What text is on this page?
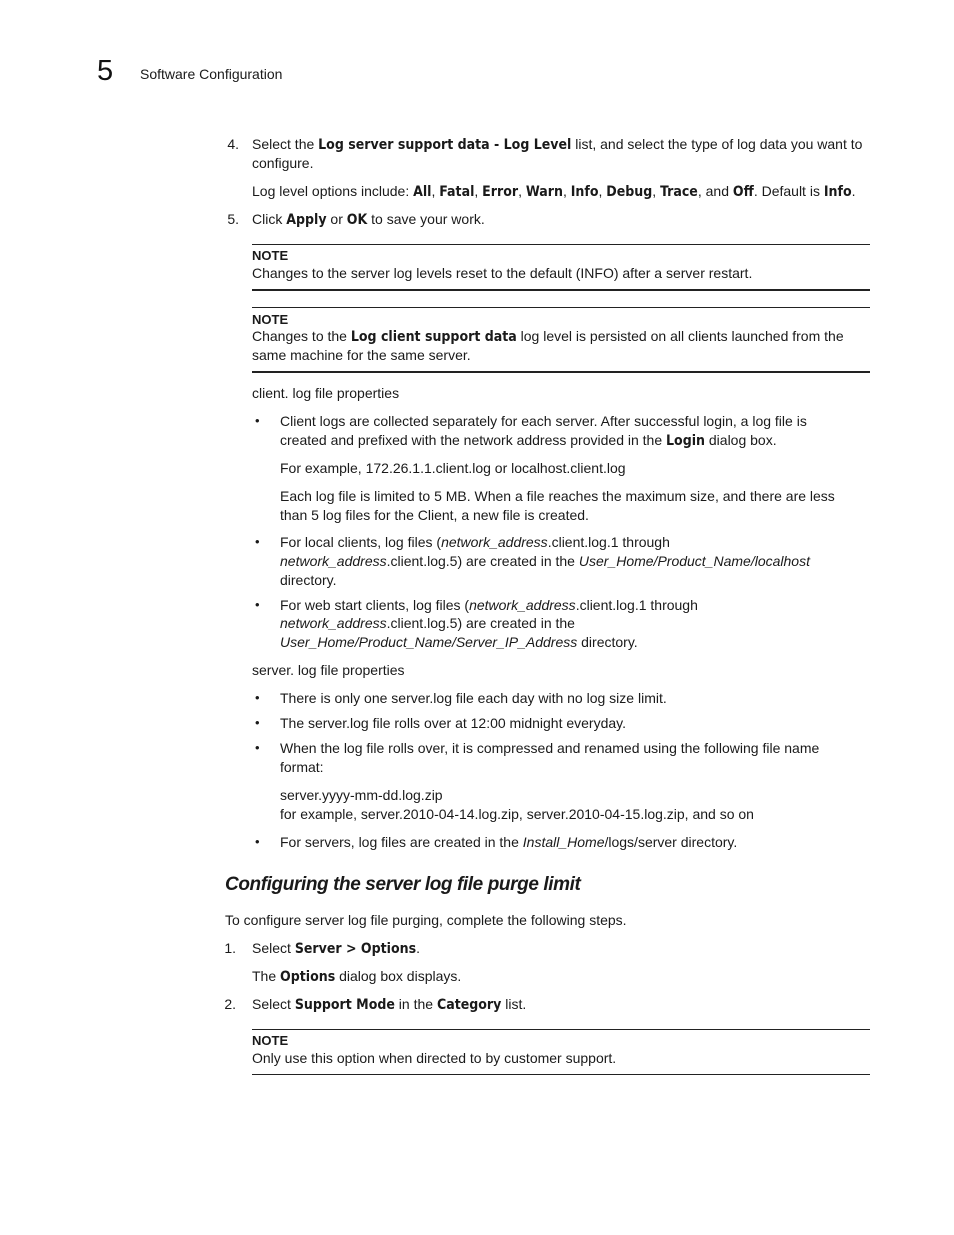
5 Software Configuration
4. Select the Log server support data - Log Level list, and select the type of log data you want to
configure.
Log level options include: All, Fatal, Error, Warn, Info, Debug, Trace, and Off. Default is Info.
5. Click Apply or OK to save your work.
NOTE
Changes to the server log levels reset to the default (INFO) after a server restart.
NOTE
Changes to the Log client support data log level is persisted on all clients launched from the
same machine for the same server.
client. log file properties
• Client logs are collected separately for each server. After successful login, a log file is
created and prefixed with the network address provided in the Login dialog box.
For example, 172.26.1.1.client.log or localhost.client.log
Each log file is limited to 5 MB. When a file reaches the maximum size, and there are less
than 5 log files for the Client, a new file is created.
• For local clients, log files (network_address.client.log.1 through
network_address.client.log.5) are created in the User_Home/Product_Name/localhost
directory.
• For web start clients, log files (network_address.client.log.1 through
network_address.client.log.5) are created in the
User_Home/Product_Name/Server_IP_Address directory.
server. log file properties
• There is only one server.log file each day with no log size limit.
• The server.log file rolls over at 12:00 midnight everyday.
• When the log file rolls over, it is compressed and renamed using the following file name
format:
server.yyyy-mm-dd.log.zip
for example, server.2010-04-14.log.zip, server.2010-04-15.log.zip, and so on
• For servers, log files are created in the Install_Home/logs/server directory.
Configuring the server log file purge limit
To configure server log file purging, complete the following steps.
1. Select Server > Options.
The Options dialog box displays.
2. Select Support Mode in the Category list.
NOTE
Only use this option when directed to by customer support.
